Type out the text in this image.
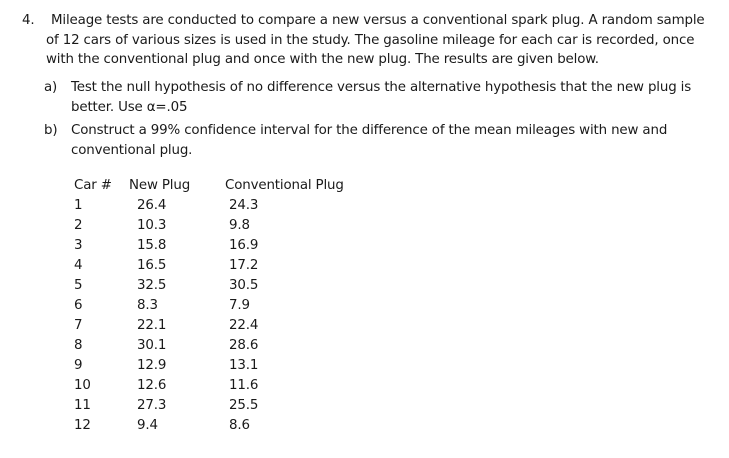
4. Mileage tests are conducted to compare a new versus a conventional spark plug. A random sample
of 12 cars of various sizes is used in the study. The gasoline mileage for each car is recorded, once
with the conventional plug and once with the new plug. The results are given below.
a) Test the null hypothesis of no difference versus the alternative hypothesis that the new plug is
better. Use α=.05
b) Construct a 99% confidence interval for the difference of the mean mileages with new and
conventional plug.
Car #	New Plug	Conventional Plug
1	26.4	24.3
2	10.3	9.8
3	15.8	16.9
4	16.5	17.2
5	32.5	30.5
6	8.3	7.9
7	22.1	22.4
8	30.1	28.6
9	12.9	13.1
10	12.6	11.6
11	27.3	25.5
12	9.4	8.6
